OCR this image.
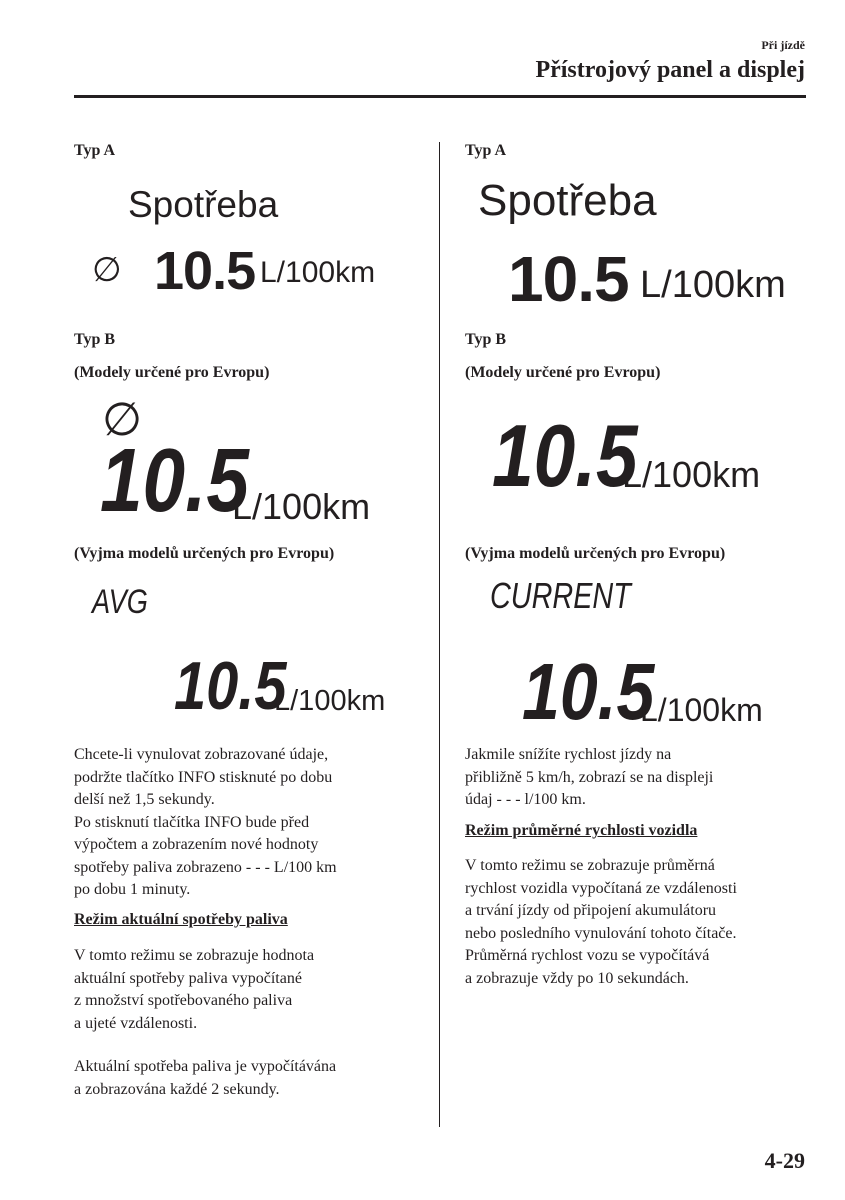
Při jízdě
Přístrojový panel a displej
Typ A
Spotřeba
∅ 10.5 L/100km
Typ B
(Modely určené pro Evropu)
∅
10.5
L/100km
(Vyjma modelů určených pro Evropu)
AVG
10.5
L/100km

Chcete-li vynulovat zobrazované údaje,

podržte tlačítko INFO stisknuté po dobu

delší než 1,5 sekundy.

Po stisknutí tlačítka INFO bude před

výpočtem a zobrazením nové hodnoty

spotřeby paliva zobrazeno - - - L/100 km

po dobu 1 minuty.

Režim aktuální spotřeby paliva

V tomto režimu se zobrazuje hodnota

aktuální spotřeby paliva vypočítané

z množství spotřebovaného paliva

a ujeté vzdálenosti.

Aktuální spotřeba paliva je vypočítávána

a zobrazována každé 2 sekundy.

Typ A
Spotřeba
10.5 L/100km
Typ B
(Modely určené pro Evropu)
10.5
L/100km
(Vyjma modelů určených pro Evropu)
CURRENT
10.5
L/100km

Jakmile snížíte rychlost jízdy na

přibližně 5 km/h, zobrazí se na displeji

údaj - - - l/100 km.

Režim průměrné rychlosti vozidla

V tomto režimu se zobrazuje průměrná

rychlost vozidla vypočítaná ze vzdálenosti

a trvání jízdy od připojení akumulátoru

nebo posledního vynulování tohoto čítače.

Průměrná rychlost vozu se vypočítává

a zobrazuje vždy po 10 sekundách.

4-29
